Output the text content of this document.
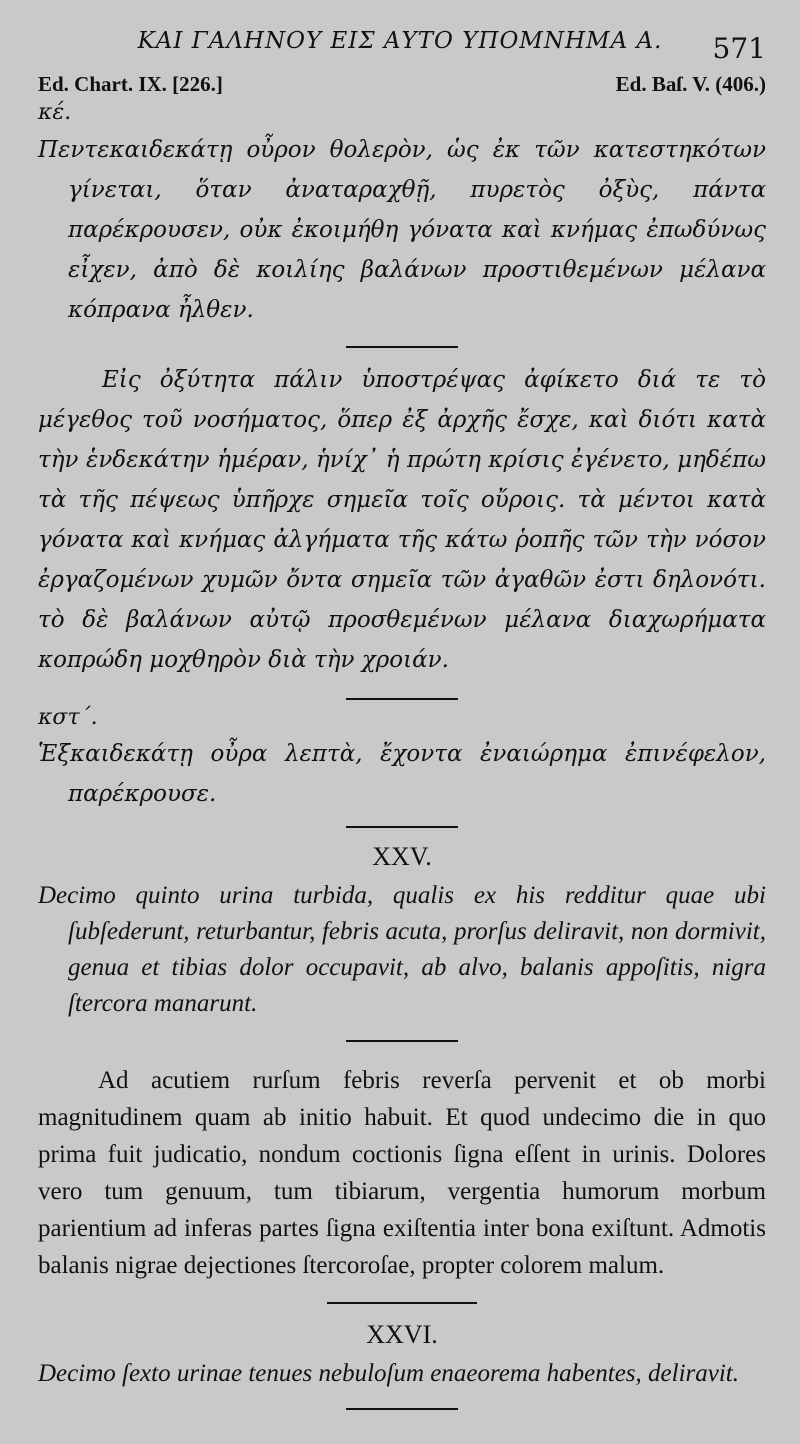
ΚΑΙ ΓΑΛΗΝΟΥ ΕΙΣ ΑΥΤΟ ΥΠΟΜΝΗΜΑ Α.	571
Ed. Chart. IX. [226.]	Ed. Baſ. V. (406.)
κέ.

Πεντεκαιδεκάτῃ οὖρον θολερὸν, ὡς ἐκ τῶν κατεστηκότων γίνεται, ὅταν ἀναταραχθῇ, πυρετὸς ὀξὺς, πάντα παρέκρουσεν, οὐκ ἐκοιμήθη γόνατα καὶ κνήμας ἐπωδύνως εἶχεν, ἀπὸ δὲ κοιλίης βαλάνων προστιθεμένων μέλανα κόπρανα ἦλθεν.

Εἰς ὀξύτητα πάλιν ὑποστρέψας ἀφίκετο διά τε τὸ μέγεθος τοῦ νοσήματος, ὅπερ ἐξ ἀρχῆς ἔσχε, καὶ διότι κατὰ τὴν ἑνδεκάτην ἡμέραν, ἡνίχ᾽ ἡ πρώτη κρίσις ἐγένετο, μηδέπω τὰ τῆς πέψεως ὑπῆρχε σημεῖα τοῖς οὔροις. τὰ μέντοι κατὰ γόνατα καὶ κνήμας ἀλγήματα τῆς κάτω ῥοπῆς τῶν τὴν νόσον ἐργαζομένων χυμῶν ὄντα σημεῖα τῶν ἀγαθῶν ἐστι δηλονότι. τὸ δὲ βαλάνων αὐτῷ προσθεμένων μέλανα διαχωρήματα κοπρώδη μοχθηρὸν διὰ τὴν χροιάν.

κστ΄.

Ἑξκαιδεκάτῃ οὖρα λεπτὰ, ἔχοντα ἐναιώρημα ἐπινέφελον, παρέκρουσε.

XXV.

Decimo quinto urina turbida, qualis ex his redditur quae ubi ſubſederunt, returbantur, febris acuta, prorſus deliravit, non dormivit, genua et tibias dolor occupavit, ab alvo, balanis appoſitis, nigra ſtercora manarunt.

Ad acutiem rurſum febris reverſa pervenit et ob morbi magnitudinem quam ab initio habuit. Et quod undecimo die in quo prima fuit judicatio, nondum coctionis ſigna eſſent in urinis. Dolores vero tum genuum, tum tibiarum, vergentia humorum morbum parientium ad inferas partes ſigna exiſtentia inter bona exiſtunt. Admotis balanis nigrae dejectiones ſtercoroſae, propter colorem malum.

XXVI.

Decimo ſexto urinae tenues nebuloſum enaeorema habentes, deliravit.
